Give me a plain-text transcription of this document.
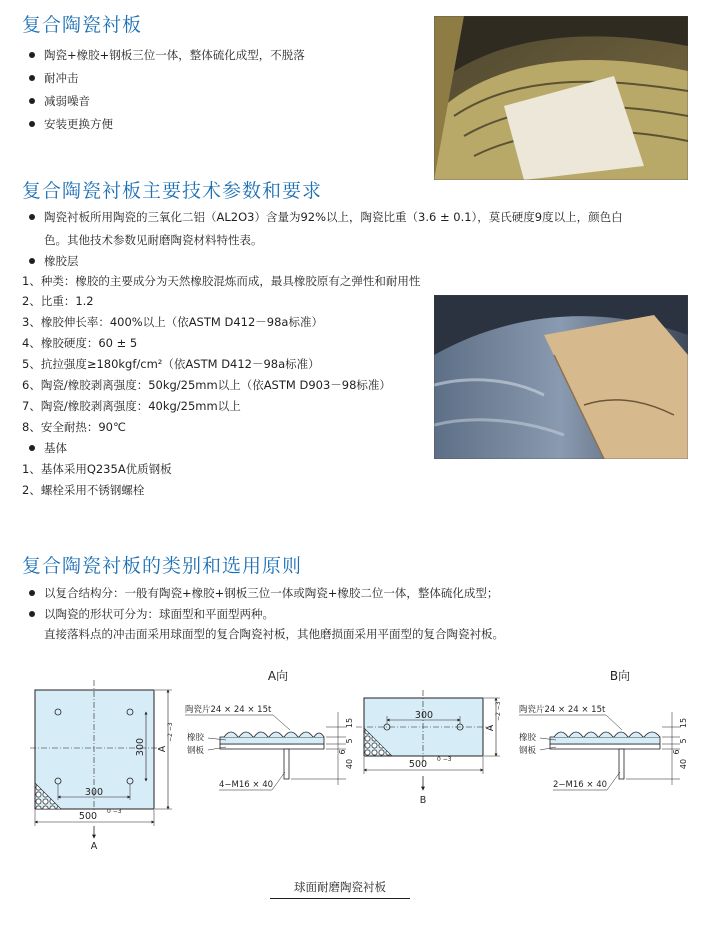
复合陶瓷衬板
陶瓷+橡胶+钢板三位一体，整体硫化成型，不脱落
耐冲击
减弱噪音
安装更换方便
复合陶瓷衬板主要技术参数和要求
陶瓷衬板所用陶瓷的三氧化二铝（AL2O3）含量为92%以上，陶瓷比重（3.6 ± 0.1），莫氏硬度9度以上，颜色白
色。其他技术参数见耐磨陶瓷材料特性表。
橡胶层
1、种类：橡胶的主要成分为天然橡胶混炼而成，最具橡胶原有之弹性和耐用性
2、比重：1.2
3、橡胶伸长率：400%以上（依ASTM D412－98a标准）
4、橡胶硬度：60 ± 5
5、抗拉强度≥180kgf/cm²（依ASTM D412－98a标准）
6、陶瓷/橡胶剥离强度：50kg/25mm以上（依ASTM D903－98标准）
7、陶瓷/橡胶剥离强度：40kg/25mm以上
8、安全耐热：90℃
基体
1、基体采用Q235A优质钢板
2、螺栓采用不锈钢螺栓
复合陶瓷衬板的类别和选用原则
以复合结构分：一般有陶瓷+橡胶+钢板三位一体或陶瓷+橡胶二位一体，整体硫化成型；
以陶瓷的形状可分为：球面型和平面型两种。
直接落料点的冲击面采用球面型的复合陶瓷衬板，其他磨损面采用平面型的复合陶瓷衬板。
300
300
500 0 −3
A
−2 −3
A
A向
陶瓷片24 × 24 × 15t
橡胶
钢板
4−M16 × 40
15
5
40
6
300
500 0 −3
A
−2 −3
B
B向
陶瓷片24 × 24 × 15t
橡胶
钢板
2−M16 × 40
15
5
40
6
球面耐磨陶瓷衬板
